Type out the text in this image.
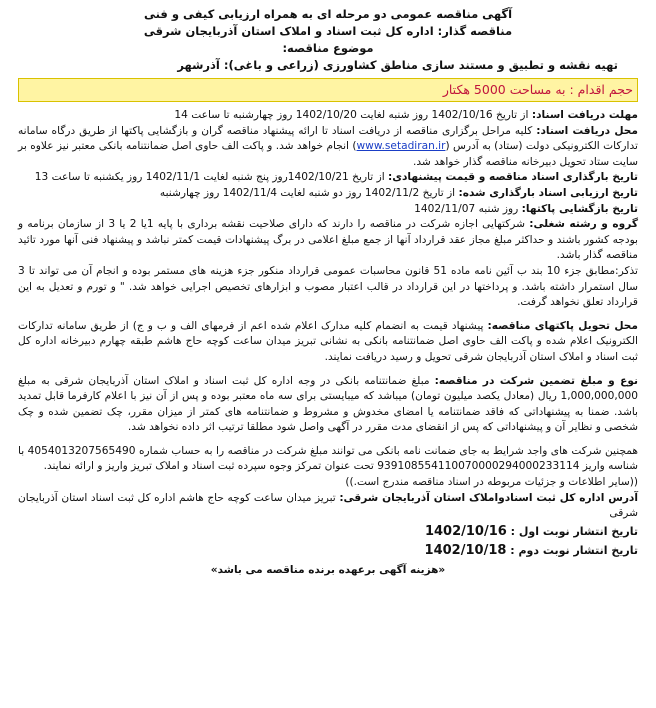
آگهی مناقصه عمومی دو مرحله ای به همراه ارزیابی کیفی و فنی
مناقصه گذار: اداره کل ثبت اسناد و املاک استان آذربایجان شرقی
موضوع مناقصه:
تهیه نقشه و تطبیق و مستند سازی مناطق کشاورزی (زراعی و باغی): آذرشهر
حجم اقدام : به مساحت 5000 هکتار

مهلت دریافت اسناد: از تاریخ 1402/10/16 روز شنبه لغایت 1402/10/20 روز چهارشنبه تا ساعت 14

محل دریافت اسناد: کلیه مراحل برگزاری مناقصه از دریافت اسناد تا ارائه پیشنهاد مناقصه گران و بازگشایی پاکتها از طریق درگاه سامانه تدارکات الکترونیکی دولت (ستاد) به آدرس (www.setadiran.ir) انجام خواهد شد. و پاکت الف حاوی اصل ضمانتنامه بانکی معتبر نیز علاوه بر سایت ستاد تحویل دبیرخانه مناقصه گذار خواهد شد.

تاریخ بارگذاری اسناد مناقصه و قیمت پیشنهادی: از تاریخ 1402/10/21روز پنج شنبه لغایت 1402/11/1 روز یکشنبه تا ساعت 13

تاریخ ارزیابی اسناد بارگذاری شده: از تاریخ 1402/11/2 روز دو شنبه لغایت 1402/11/4 روز چهارشنبه

تاریخ بازگشایی پاکتها: روز شنبه 1402/11/07

گروه و رشته شغلی: شرکتهایی اجازه شرکت در مناقصه را دارند که دارای صلاحیت نقشه برداری با پایه 1یا 2 یا 3 از سازمان برنامه و بودجه کشور باشند و حداکثر مبلغ مجاز عقد قرارداد آنها از جمع مبلغ اعلامی در برگ پیشنهادات قیمت کمتر نباشد و پیشنهاد فنی آنها مورد تائید مناقصه گذار باشد.

تذکر:مطابق جزء 10 بند ب آئین نامه ماده 51 قانون محاسبات عمومی قرارداد منکور جزء هزینه های مستمر بوده و انجام آن می تواند تا 3 سال استمرار داشته باشد. و پرداختها در این قرارداد در قالب اعتبار مصوب و ابزارهای تخصیص اجرایی خواهد شد. " و تورم و تعدیل به این قرارداد تعلق نخواهد گرفت.

محل تحویل پاکتهای مناقصه: پیشنهاد قیمت به انضمام کلیه مدارک اعلام شده اعم از فرمهای الف و ب و ج) از طریق سامانه تدارکات الکترونیک اعلام شده و پاکت الف حاوی اصل ضمانتنامه بانکی به نشانی تبریز میدان ساعت کوچه حاج هاشم طبقه چهارم دبیرخانه اداره کل ثبت اسناد و املاک استان آذربایجان شرقی تحویل و رسید دریافت نمایند.

نوع و مبلغ تضمین شرکت در مناقصه: مبلغ ضمانتنامه بانکی در وجه اداره کل ثبت اسناد و املاک استان آذربایجان شرقی به مبلغ 1,000,000,000 ریال (معادل یکصد میلیون تومان) میباشد که میبایستی برای سه ماه معتبر بوده و پس از آن نیز با اعلام کارفرما قابل تمدید باشد. ضمنا به پیشنهاداتی که فاقد ضمانتنامه یا امضای مخدوش و مشروط و ضمانتنامه های کمتر از میزان مقرر، چک تضمین شده و چک شخصی و نظایر آن و پیشنهاداتی که پس از انقضای مدت مقرر در آگهی واصل شود مطلقا ترتیب اثر داده نخواهد شد.

همچنین شرکت های واجد شرایط به جای ضمانت نامه بانکی می توانند مبلغ شرکت در مناقصه را به حساب شماره 4054013207565490 با شناسه واریز 939108554110070000294000233114 تحت عنوان تمرکز وجوه سپرده ثبت اسناد و املاک تبریز واریز و ارائه نمایند.

((سایر اطلاعات و جزئیات مربوطه در اسناد مناقصه مندرج است.))

آدرس اداره کل ثبت اسنادواملاک استان آذربایجان شرقی: تبریز میدان ساعت کوچه حاج هاشم اداره کل ثبت اسناد استان آذربایجان شرقی

تاریخ انتشار نوبت اول : 1402/10/16
تاریخ انتشار نوبت دوم : 1402/10/18
«هزینه آگهی برعهده برنده مناقصه می باشد»
